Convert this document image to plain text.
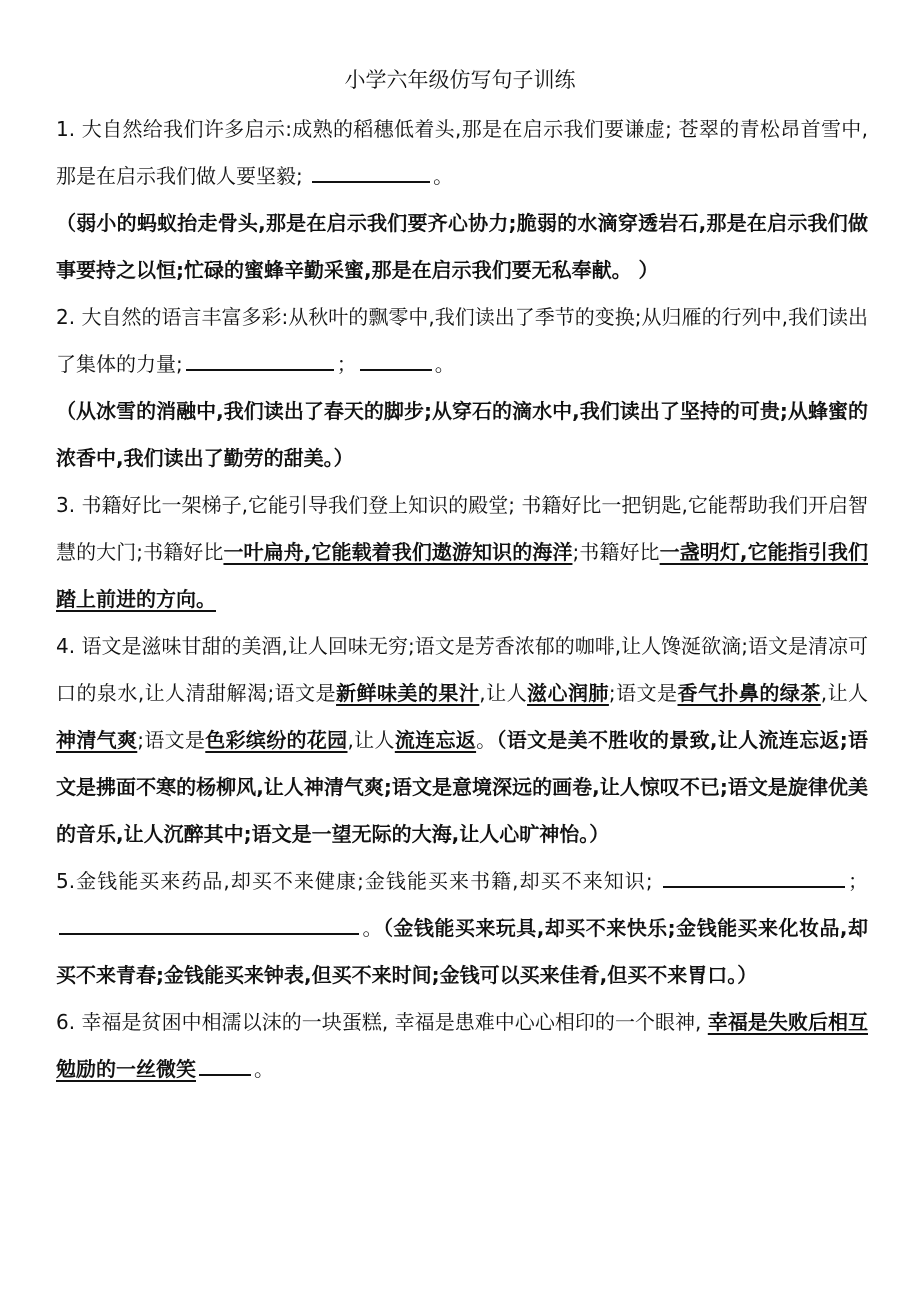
小学六年级仿写句子训练

1. 大自然给我们许多启示:成熟的稻穗低着头,那是在启示我们要谦虚; 苍翠的青松昂首雪中,那是在启示我们做人要坚毅;	。

（弱小的蚂蚁抬走骨头,那是在启示我们要齐心协力;脆弱的水滴穿透岩石,那是在启示我们做事要持之以恒;忙碌的蜜蜂辛勤采蜜,那是在启示我们要无私奉献。 ）

2. 大自然的语言丰富多彩:从秋叶的飘零中,我们读出了季节的变换;从归雁的行列中,我们读出了集体的力量;	；	。

（从冰雪的消融中,我们读出了春天的脚步;从穿石的滴水中,我们读出了坚持的可贵;从蜂蜜的浓香中,我们读出了勤劳的甜美。）

3. 书籍好比一架梯子,它能引导我们登上知识的殿堂; 书籍好比一把钥匙,它能帮助我们开启智慧的大门;书籍好比一叶扁舟,它能载着我们遨游知识的海洋;书籍好比一盏明灯,它能指引我们踏上前进的方向。

4. 语文是滋味甘甜的美酒,让人回味无穷;语文是芳香浓郁的咖啡,让人馋涎欲滴;语文是清凉可口的泉水,让人清甜解渴;语文是新鲜味美的果汁,让人滋心润肺;语文是香气扑鼻的绿茶,让人神清气爽;语文是色彩缤纷的花园,让人流连忘返。（语文是美不胜收的景致,让人流连忘返;语文是拂面不寒的杨柳风,让人神清气爽;语文是意境深远的画卷,让人惊叹不已;语文是旋律优美的音乐,让人沉醉其中;语文是一望无际的大海,让人心旷神怡。）

5.金钱能买来药品,却买不来健康;金钱能买来书籍,却买不来知识;	；。（金钱能买来玩具,却买不来快乐;金钱能买来化妆品,却买不来青春;金钱能买来钟表,但买不来时间;金钱可以买来佳肴,但买不来胃口。）

6. 幸福是贫困中相濡以沫的一块蛋糕, 幸福是患难中心心相印的一个眼神, 幸福是失败后相互勉励的一丝微笑	。
